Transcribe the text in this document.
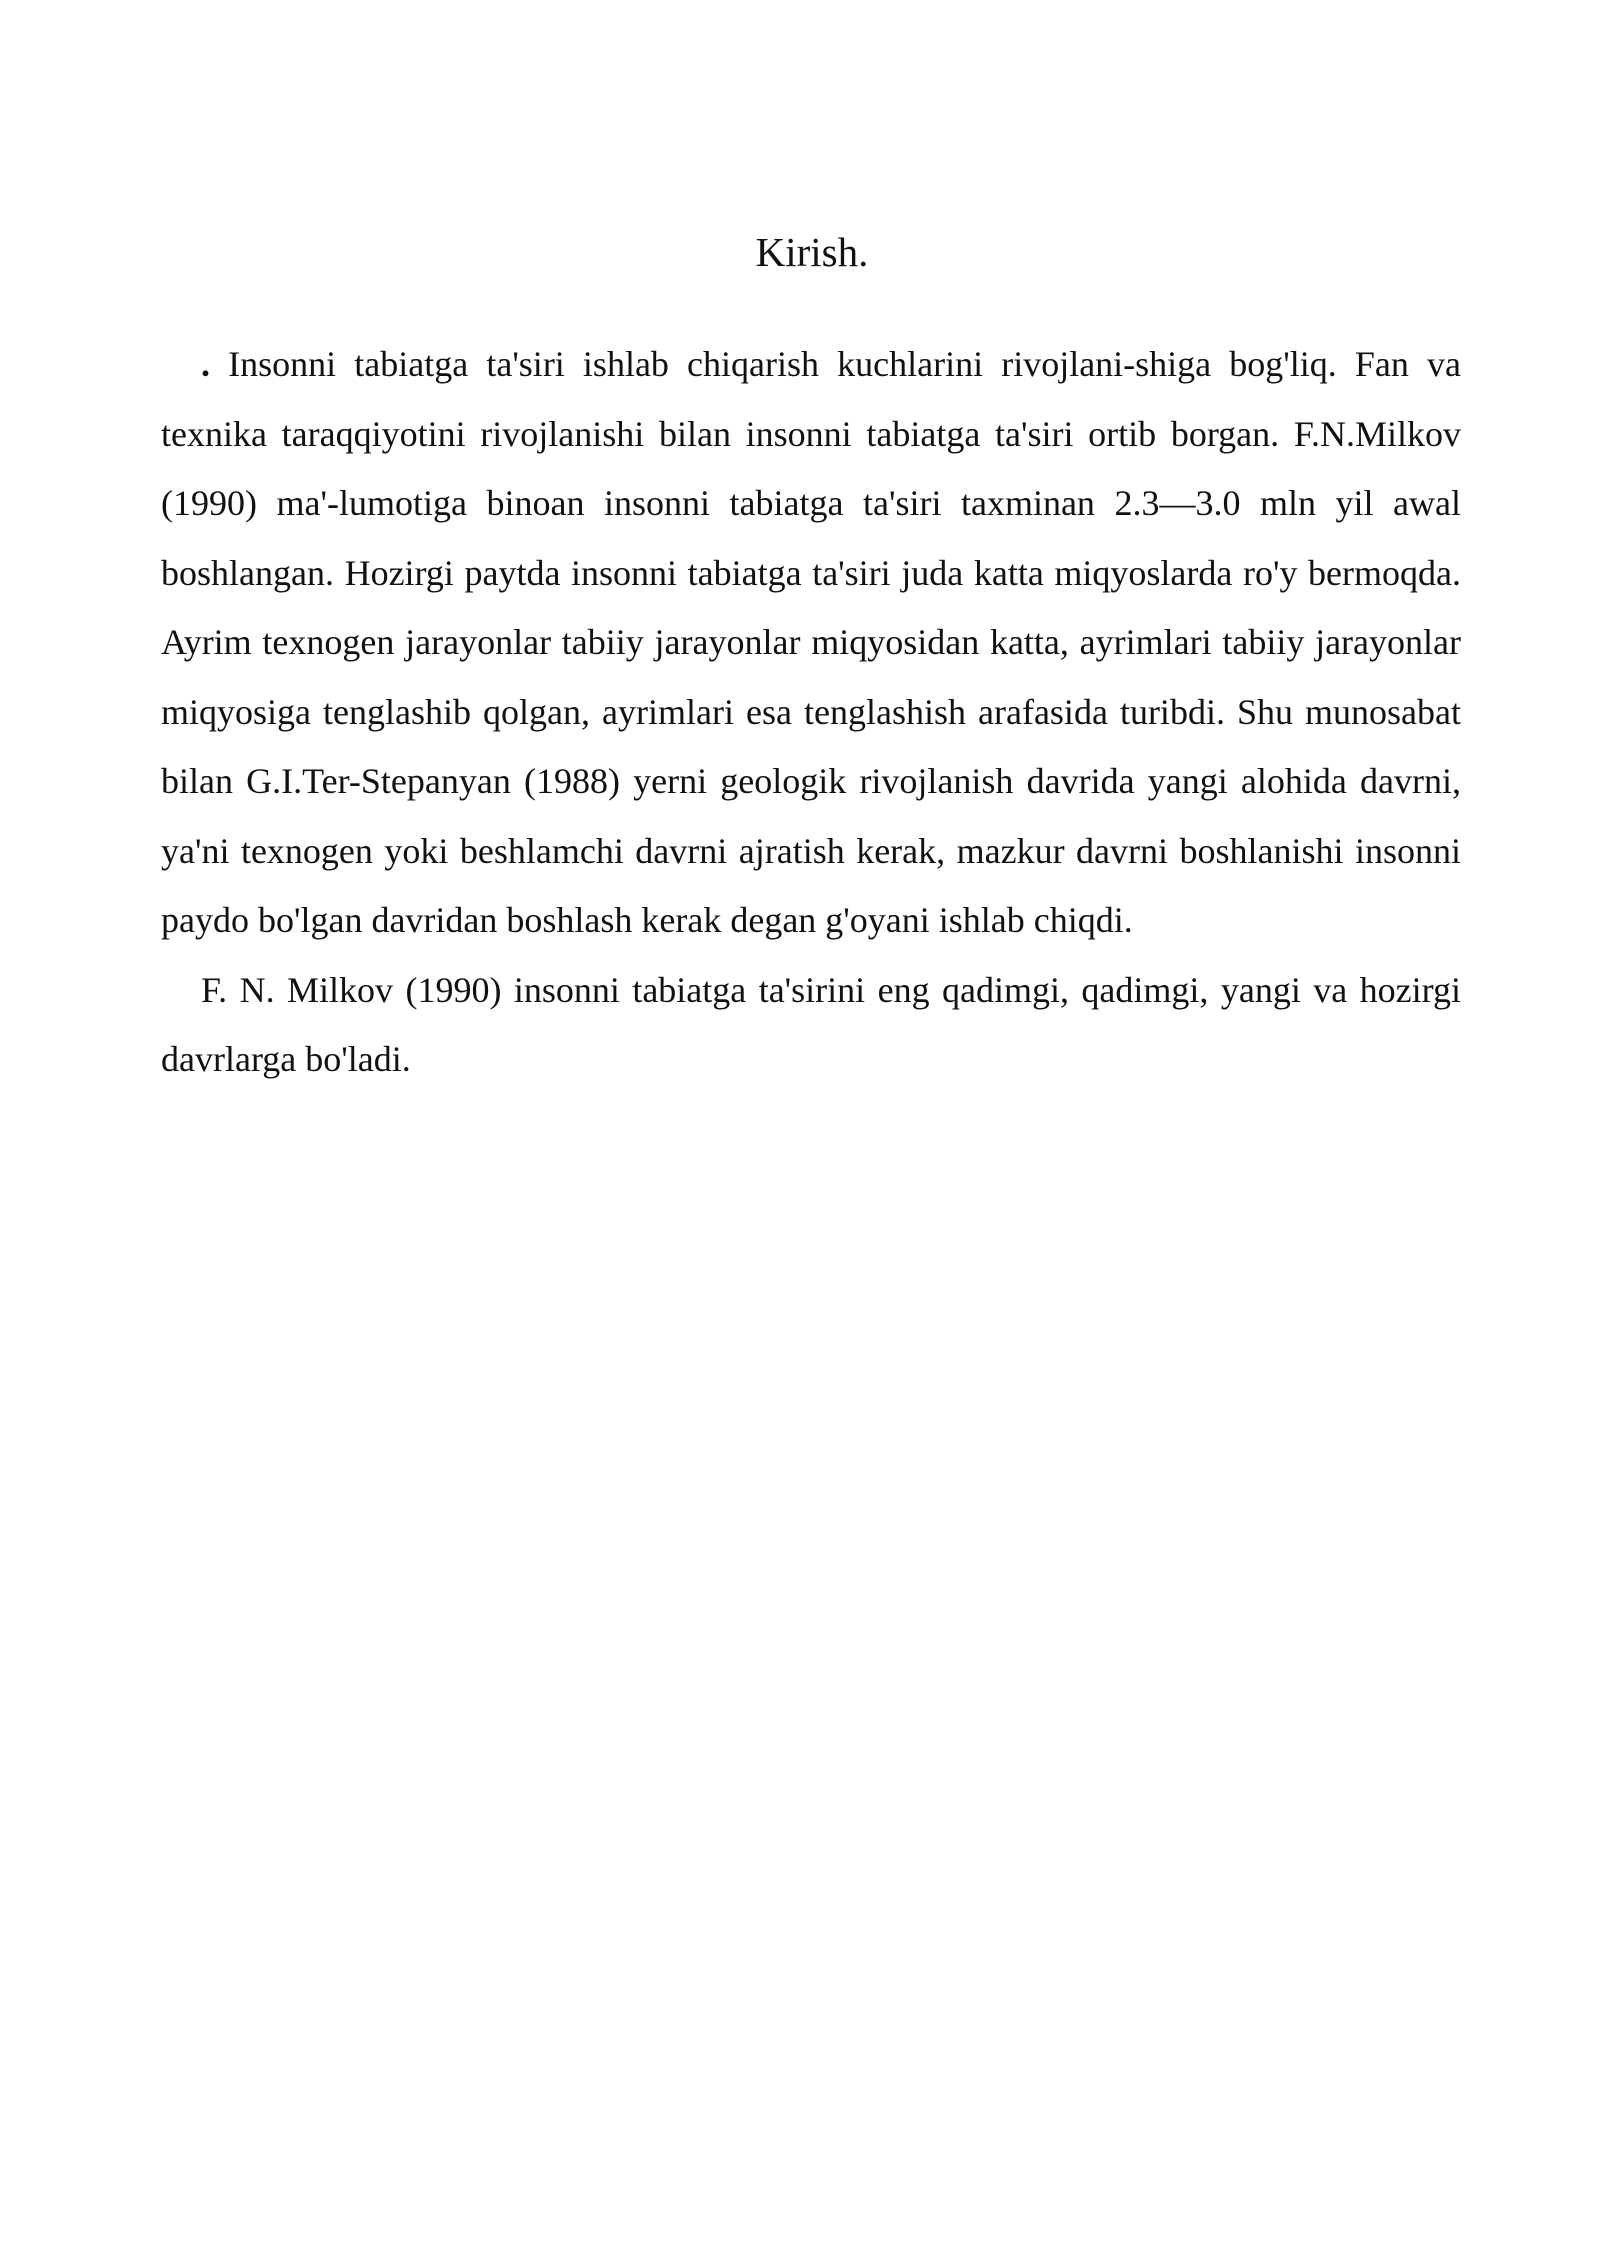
Kirish.

. Insonni tabiatga ta'siri ishlab chiqarish kuchlarini rivojlani-shiga bog'liq. Fan va texnika taraqqiyotini rivojlanishi bilan insonni tabiatga ta'siri ortib borgan. F.N.Milkov (1990) ma'-lumotiga binoan insonni tabiatga ta'siri taxminan 2.3—3.0 mln yil awal boshlangan. Hozirgi paytda insonni tabiatga ta'siri juda katta miqyoslarda ro'y bermoqda. Ayrim texnogen jarayonlar tabiiy jarayonlar miqyosidan katta, ayrimlari tabiiy jarayonlar miqyosiga tenglashib qolgan, ayrimlari esa tenglashish arafasida turibdi. Shu munosabat bilan G.I.Ter-Stepanyan (1988) yerni geologik rivojlanish davrida yangi alohida davrni, ya'ni texnogen yoki beshlamchi davrni ajratish kerak, mazkur davrni boshlanishi insonni paydo bo'lgan davridan boshlash kerak degan g'oyani ishlab chiqdi.

F. N. Milkov (1990) insonni tabiatga ta'sirini eng qadimgi, qadimgi, yangi va hozirgi davrlarga bo'ladi.
